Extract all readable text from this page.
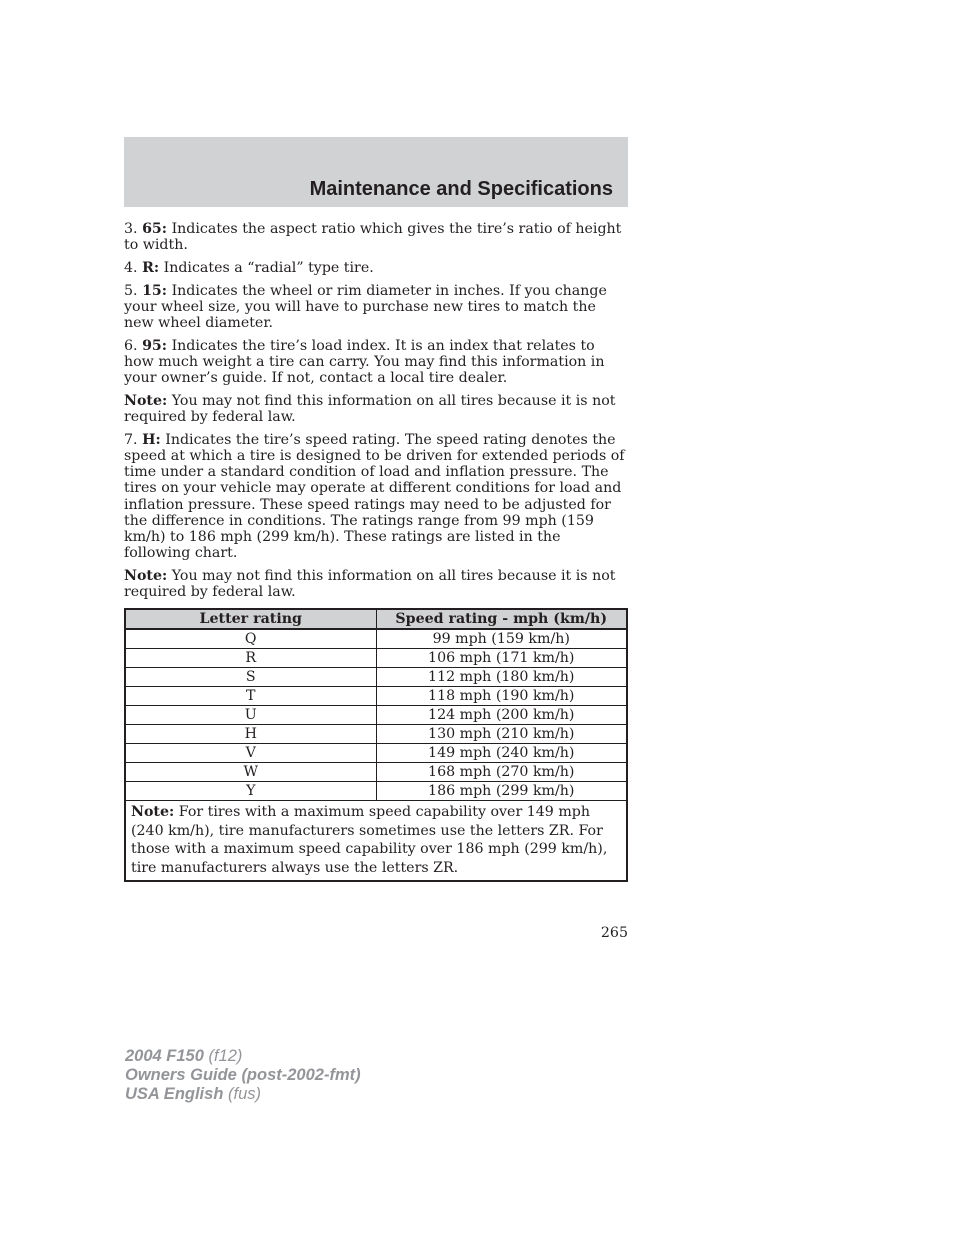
Maintenance and Specifications

3. 65: Indicates the aspect ratio which gives the tire’s ratio of height to width.

4. R: Indicates a “radial” type tire.

5. 15: Indicates the wheel or rim diameter in inches. If you change your wheel size, you will have to purchase new tires to match the new wheel diameter.

6. 95: Indicates the tire’s load index. It is an index that relates to how much weight a tire can carry. You may find this information in your owner’s guide. If not, contact a local tire dealer.

Note: You may not find this information on all tires because it is not required by federal law.

7. H: Indicates the tire’s speed rating. The speed rating denotes the speed at which a tire is designed to be driven for extended periods of time under a standard condition of load and inflation pressure. The tires on your vehicle may operate at different conditions for load and inflation pressure. These speed ratings may need to be adjusted for the difference in conditions. The ratings range from 99 mph (159 km/h) to 186 mph (299 km/h). These ratings are listed in the following chart.

Note: You may not find this information on all tires because it is not required by federal law.

Letter rating	Speed rating - mph (km/h)
Q	99 mph (159 km/h)
R	106 mph (171 km/h)
S	112 mph (180 km/h)
T	118 mph (190 km/h)
U	124 mph (200 km/h)
H	130 mph (210 km/h)
V	149 mph (240 km/h)
W	168 mph (270 km/h)
Y	186 mph (299 km/h)
Note: For tires with a maximum speed capability over 149 mph (240 km/h), tire manufacturers sometimes use the letters ZR. For those with a maximum speed capability over 186 mph (299 km/h), tire manufacturers always use the letters ZR.	
265
2004 F150 (f12)
Owners Guide (post-2002-fmt)
USA English (fus)
